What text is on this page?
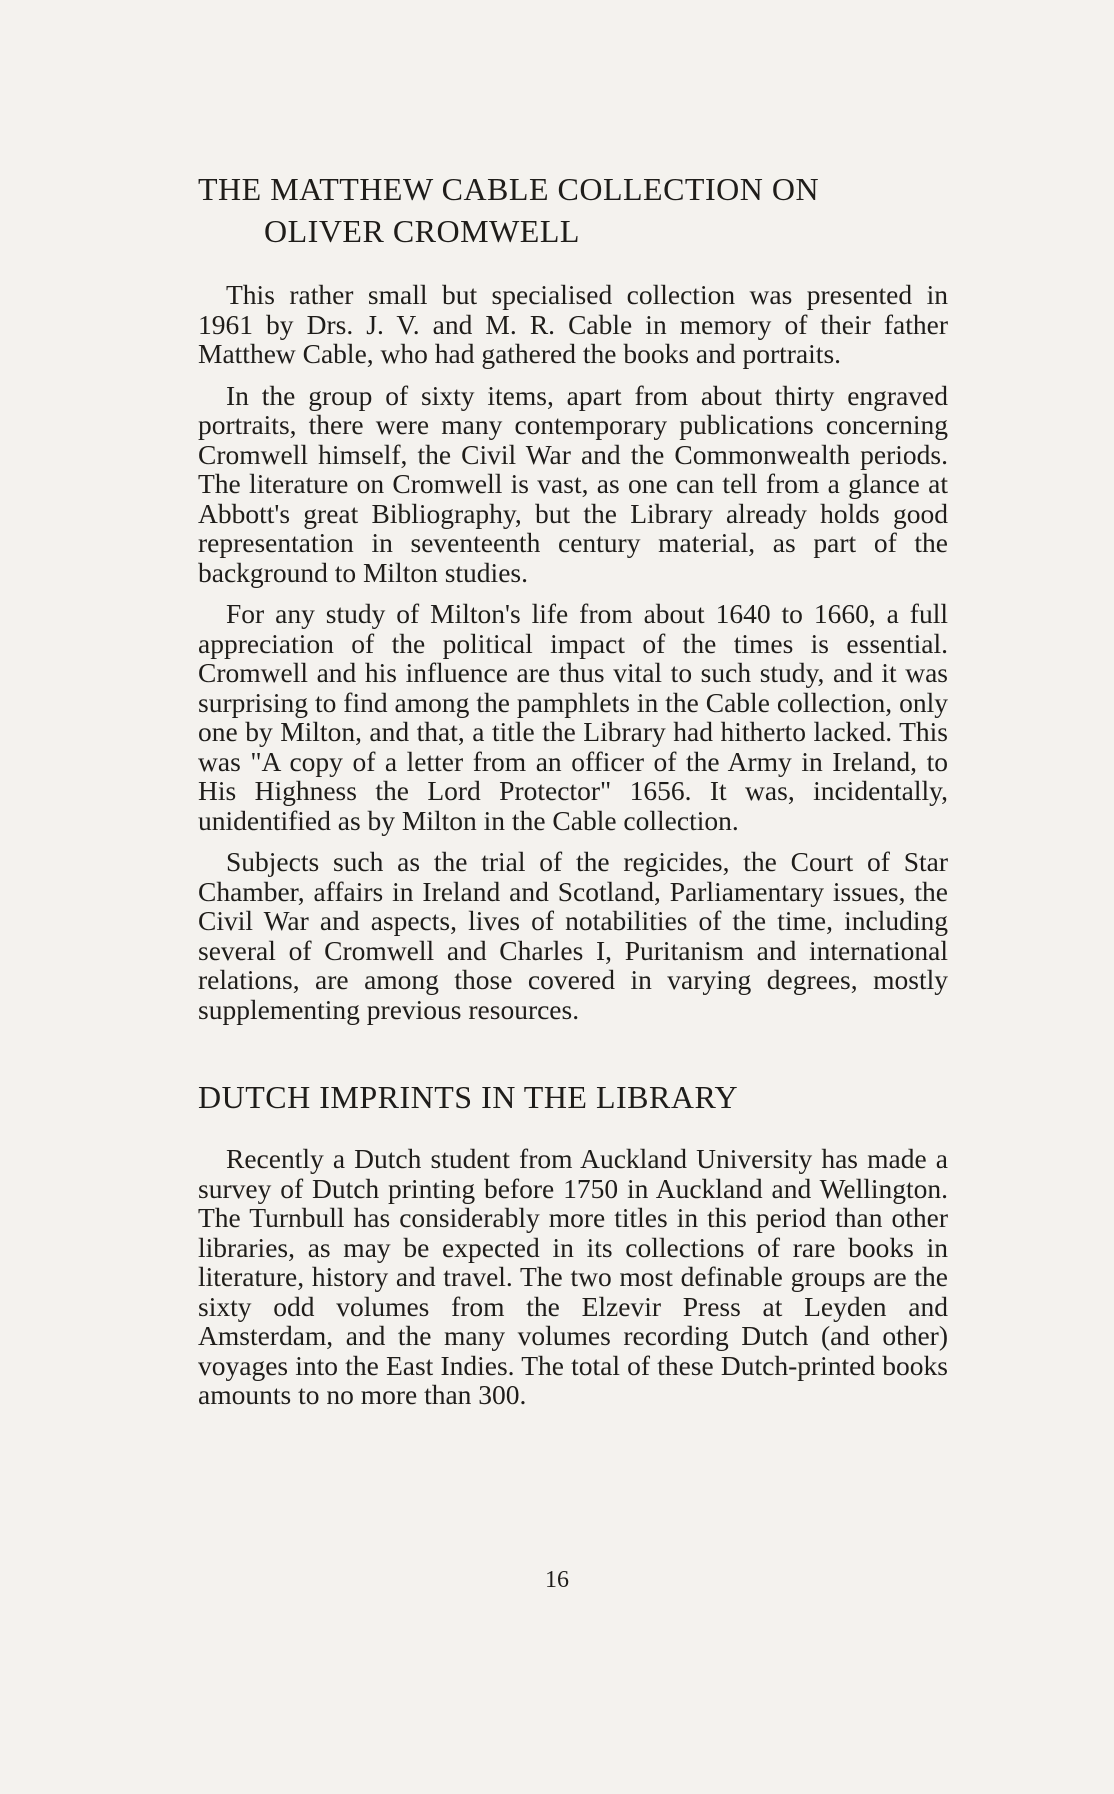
THE MATTHEW CABLE COLLECTION ON
OLIVER CROMWELL

This rather small but specialised collection was presented in 1961 by Drs. J. V. and M. R. Cable in memory of their father Matthew Cable, who had gathered the books and portraits.

In the group of sixty items, apart from about thirty engraved portraits, there were many contemporary publications concerning Cromwell himself, the Civil War and the Commonwealth periods. The literature on Cromwell is vast, as one can tell from a glance at Abbott's great Bibliography, but the Library already holds good representation in seventeenth century material, as part of the background to Milton studies.

For any study of Milton's life from about 1640 to 1660, a full appreciation of the political impact of the times is essential. Cromwell and his influence are thus vital to such study, and it was surprising to find among the pamphlets in the Cable collection, only one by Milton, and that, a title the Library had hitherto lacked. This was "A copy of a letter from an officer of the Army in Ireland, to His Highness the Lord Protector" 1656. It was, incidentally, unidentified as by Milton in the Cable collection.

Subjects such as the trial of the regicides, the Court of Star Chamber, affairs in Ireland and Scotland, Parliamentary issues, the Civil War and aspects, lives of notabilities of the time, including several of Cromwell and Charles I, Puritanism and international relations, are among those covered in varying degrees, mostly supplementing previous resources.

DUTCH IMPRINTS IN THE LIBRARY

Recently a Dutch student from Auckland University has made a survey of Dutch printing before 1750 in Auckland and Wellington. The Turnbull has considerably more titles in this period than other libraries, as may be expected in its collections of rare books in literature, history and travel. The two most definable groups are the sixty odd volumes from the Elzevir Press at Leyden and Amsterdam, and the many volumes recording Dutch (and other) voyages into the East Indies. The total of these Dutch-printed books amounts to no more than 300.

16
